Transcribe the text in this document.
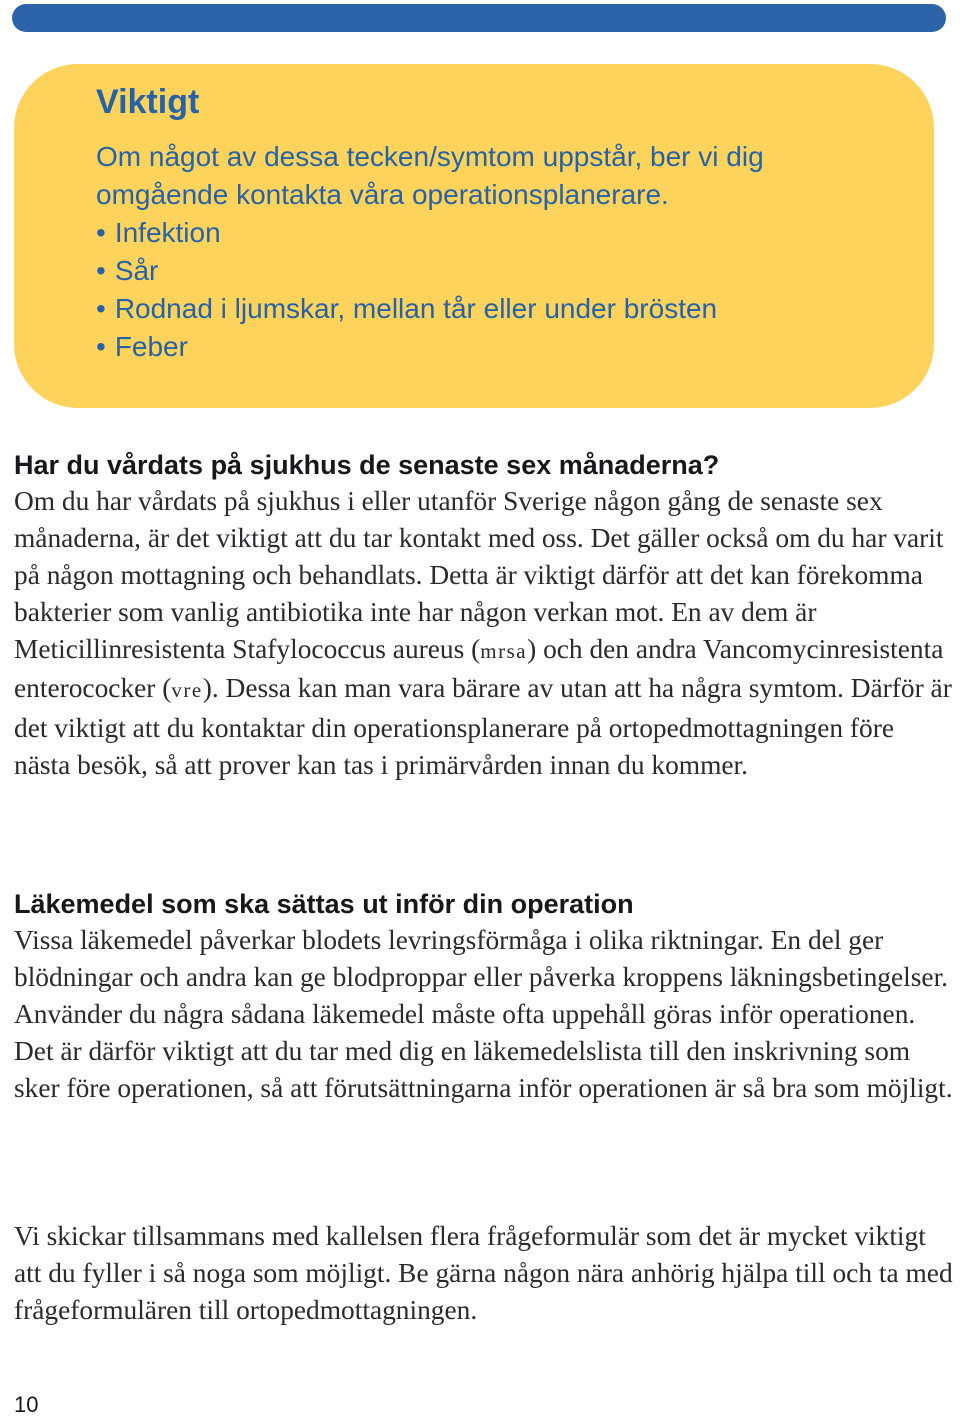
Viktigt

Om något av dessa tecken/symtom uppstår, ber vi dig omgående kontakta våra operationsplanerare.

• Infektion
• Sår
• Rodnad i ljumskar, mellan tår eller under brösten
• Feber
Har du vårdats på sjukhus de senaste sex månaderna?

Om du har vårdats på sjukhus i eller utanför Sverige någon gång de senaste sex månaderna, är det viktigt att du tar kontakt med oss. Det gäller också om du har varit på någon mottagning och behandlats. Detta är viktigt därför att det kan förekomma bakterier som vanlig antibiotika inte har någon verkan mot. En av dem är Meticillinresistenta Stafylococcus aureus (mrsa) och den andra Vancomycinresistenta enterococker (vre). Dessa kan man vara bärare av utan att ha några symtom. Därför är det viktigt att du kontaktar din operationsplanerare på ortopedmottagningen före nästa besök, så att prover kan tas i primärvården innan du kommer.

Läkemedel som ska sättas ut inför din operation

Vissa läkemedel påverkar blodets levringsförmåga i olika riktningar. En del ger blödningar och andra kan ge blodproppar eller påverka kroppens läkningsbetingelser. Använder du några sådana läkemedel måste ofta uppehåll göras inför operationen. Det är därför viktigt att du tar med dig en läkemedelslista till den inskrivning som sker före operationen, så att förutsättningarna inför operationen är så bra som möjligt.

Vi skickar tillsammans med kallelsen flera frågeformulär som det är mycket viktigt att du fyller i så noga som möjligt. Be gärna någon nära anhörig hjälpa till och ta med frågeformulären till ortopedmottagningen.

10
